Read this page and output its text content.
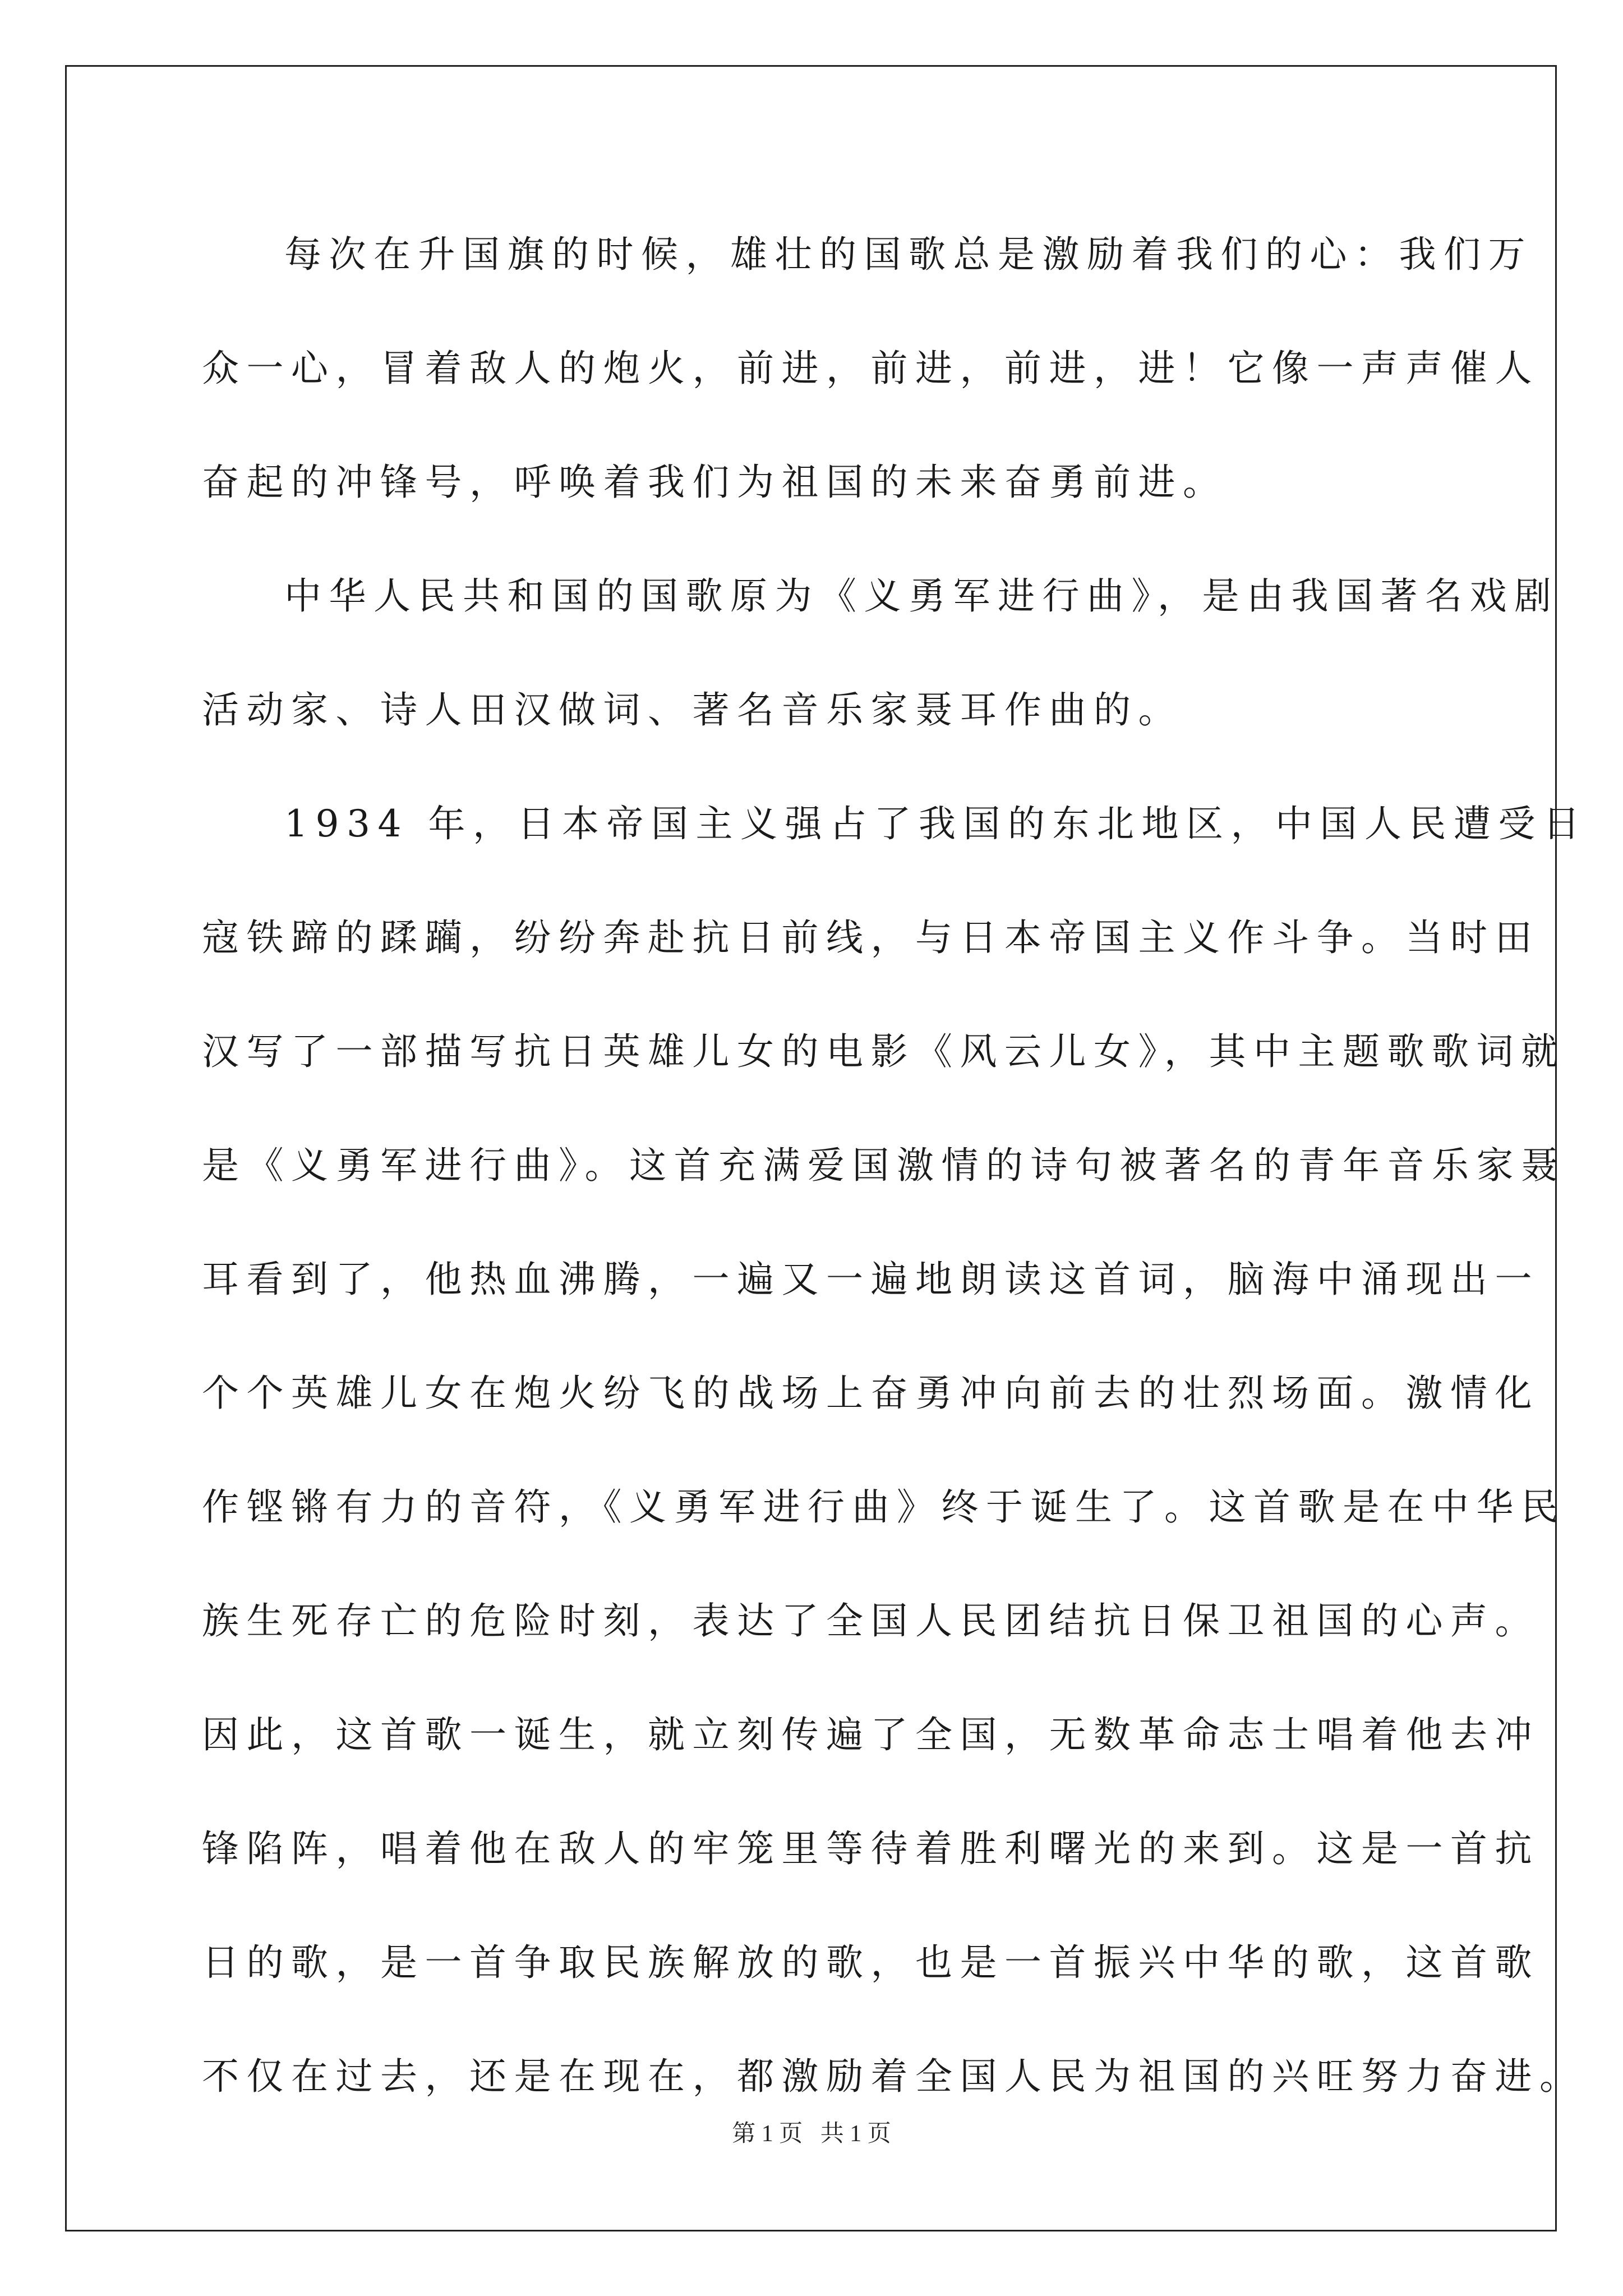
每次在升国旗的时候，雄壮的国歌总是激励着我们的心：我们万
众一心，冒着敌人的炮火，前进，前进，前进，进！它像一声声催人
奋起的冲锋号，呼唤着我们为祖国的未来奋勇前进。

中华人民共和国的国歌原为《义勇军进行曲》，是由我国著名戏剧
活动家、诗人田汉做词、著名音乐家聂耳作曲的。

1934 年，日本帝国主义强占了我国的东北地区，中国人民遭受日
寇铁蹄的蹂躏，纷纷奔赴抗日前线，与日本帝国主义作斗争。当时田
汉写了一部描写抗日英雄儿女的电影《风云儿女》，其中主题歌歌词就
是《义勇军进行曲》。这首充满爱国激情的诗句被著名的青年音乐家聂
耳看到了，他热血沸腾，一遍又一遍地朗读这首词，脑海中涌现出一
个个英雄儿女在炮火纷飞的战场上奋勇冲向前去的壮烈场面。激情化
作铿锵有力的音符，《义勇军进行曲》终于诞生了。这首歌是在中华民
族生死存亡的危险时刻，表达了全国人民团结抗日保卫祖国的心声。
因此，这首歌一诞生，就立刻传遍了全国，无数革命志士唱着他去冲
锋陷阵，唱着他在敌人的牢笼里等待着胜利曙光的来到。这是一首抗
日的歌，是一首争取民族解放的歌，也是一首振兴中华的歌，这首歌
不仅在过去，还是在现在，都激励着全国人民为祖国的兴旺努力奋进。

第 1 页   共 1 页
